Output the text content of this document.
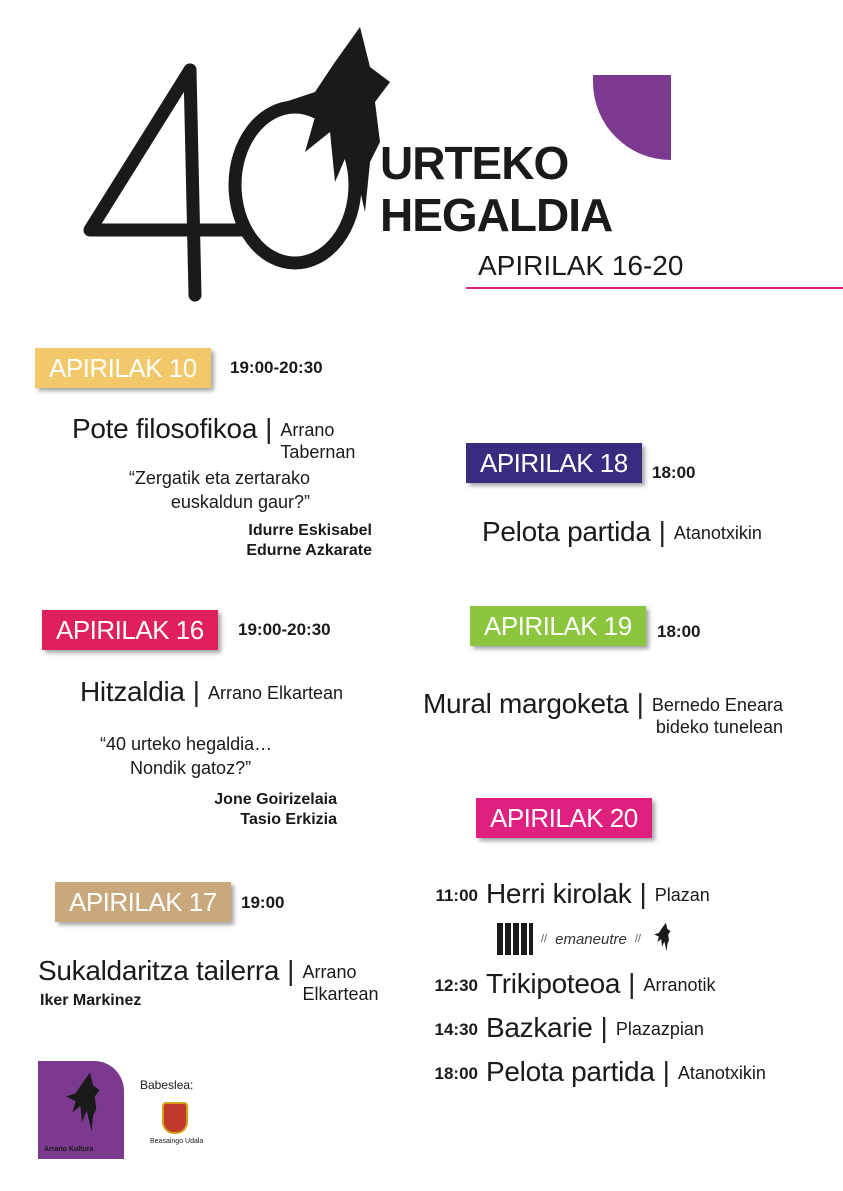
URTEKO
HEGALDIA
APIRILAK 16-20
APIRILAK 10	19:00-20:30
Pote filosofikoa | Arrano
Tabernan
“Zergatik eta zertarako
euskaldun gaur?”
Idurre Eskisabel
Edurne Azkarate
APIRILAK 16	19:00-20:30
Hitzaldia | Arrano Elkartean
“40 urteko hegaldia…
Nondik gatoz?”
Jone Goirizelaia
Tasio Erkizia
APIRILAK 17	19:00
Sukaldaritza tailerra | Arrano
Elkartean
Iker Markinez
APIRILAK 18	18:00
Pelota partida | Atanotxikin
APIRILAK 19	18:00
Mural margoketa | Bernedo Eneara
bideko tunelean
APIRILAK 20
11:00 Herri kirolak | Plazan
// emaneutre //
12:30 Trikipoteoa | Arranotik
14:30 Bazkarie | Plazazpian
18:00 Pelota partida | Atanotxikin
Arrano Kultura
Babeslea:
Beasaingo Udala
